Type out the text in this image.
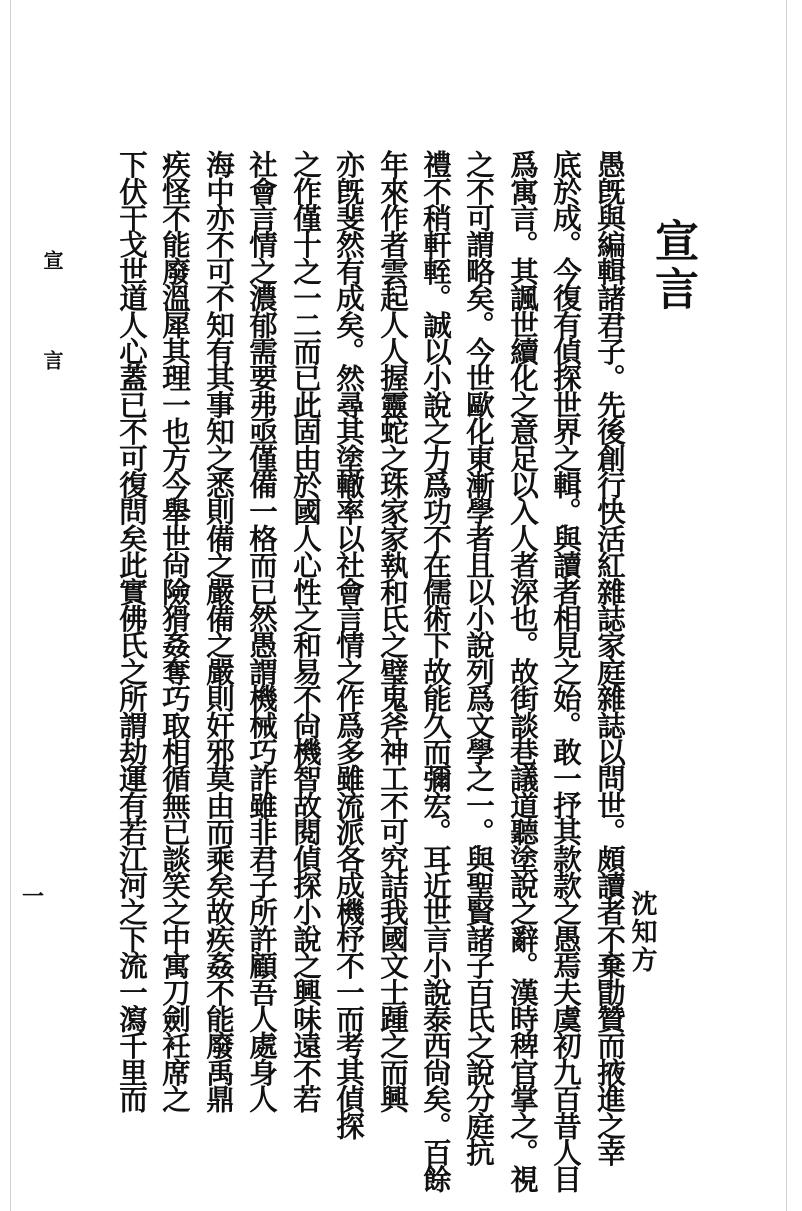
宣言
沈知方
愚旣與編輯諸君子。先後創行快活紅雜誌家庭雜誌以問世。頗讀者不棄勖贊而掖進之幸
底於成。今復有偵探世界之輯。與讀者相見之始。敢一抒其款款之愚焉夫虞初九百昔人目
爲寓言。其諷世續化之意足以入人者深也。故街談巷議道聽塗說之辭。漢時稗官掌之。視
之不可謂略矣。今世歐化東漸學者且以小說列爲文學之一。與聖賢諸子百氏之說分庭抗
禮不稍軒輊。誠以小說之力爲功不在儒術下故能久而彌宏。耳近世言小說泰西尙矣。百餘
年來作者雲起人人握靈蛇之珠家家執和氏之璧鬼斧神工不可究詰我國文士踵之而興
亦旣斐然有成矣。然尋其塗轍率以社會言情之作爲多雖流派各成機杼不一而考其偵探
之作僅十之一二而已此固由於國人心性之和易不尙機智故閱偵探小說之興味遠不若
社會言情之濃郁需要弗亟僅備一格而已然愚謂機械巧詐雖非君子所許顧吾人處身人
海中亦不可不知有其事知之悉則備之嚴備之嚴則奸邪莫由而乘矣故疾姦不能廢禹鼎
疾怪不能廢溫犀其理一也方今舉世尙險猾姦奪巧取相循無已談笑之中寓刀劍衽席之
下伏干戈世道人心蓋已不可復問矣此實佛氏之所謂劫運有若江河之下流一瀉千里而
宣
言
一
